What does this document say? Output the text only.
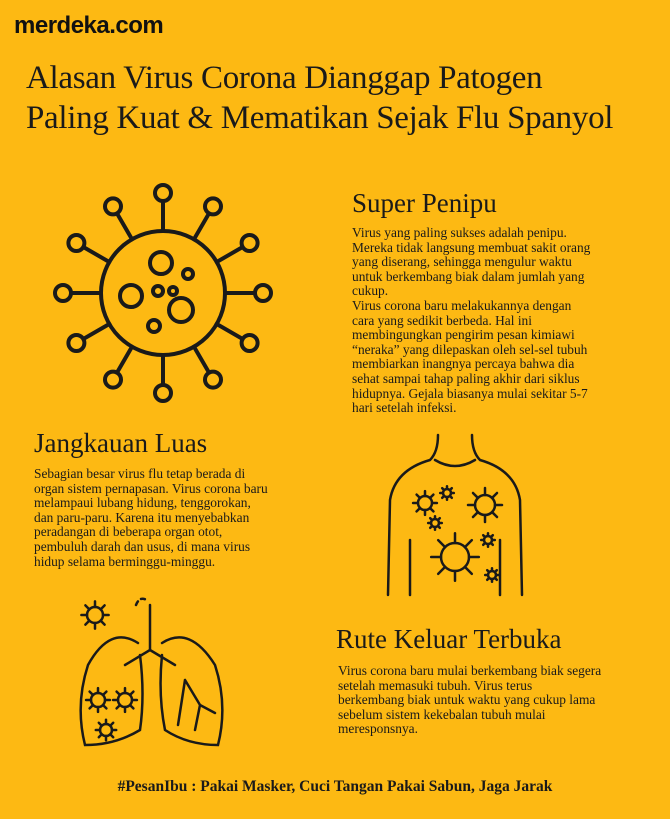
merdeka.com
Alasan Virus Corona Dianggap Patogen
Paling Kuat & Mematikan Sejak Flu Spanyol
Super Penipu
Virus yang paling sukses adalah penipu.
Mereka tidak langsung membuat sakit orang
yang diserang, sehingga mengulur waktu
untuk berkembang biak dalam jumlah yang
cukup.
Virus corona baru melakukannya dengan
cara yang sedikit berbeda. Hal ini
membingungkan pengirim pesan kimiawi
“neraka” yang dilepaskan oleh sel-sel tubuh
membiarkan inangnya percaya bahwa dia
sehat sampai tahap paling akhir dari siklus
hidupnya. Gejala biasanya mulai sekitar 5-7
hari setelah infeksi.
Jangkauan Luas
Sebagian besar virus flu tetap berada di
organ sistem pernapasan. Virus corona baru
melampaui lubang hidung, tenggorokan,
dan paru-paru. Karena itu menyebabkan
peradangan di beberapa organ otot,
pembuluh darah dan usus, di mana virus
hidup selama berminggu-minggu.
Rute Keluar Terbuka
Virus corona baru mulai berkembang biak segera
setelah memasuki tubuh. Virus terus
berkembang biak untuk waktu yang cukup lama
sebelum sistem kekebalan tubuh mulai
meresponsnya.
#PesanIbu : Pakai Masker, Cuci Tangan Pakai Sabun, Jaga Jarak
